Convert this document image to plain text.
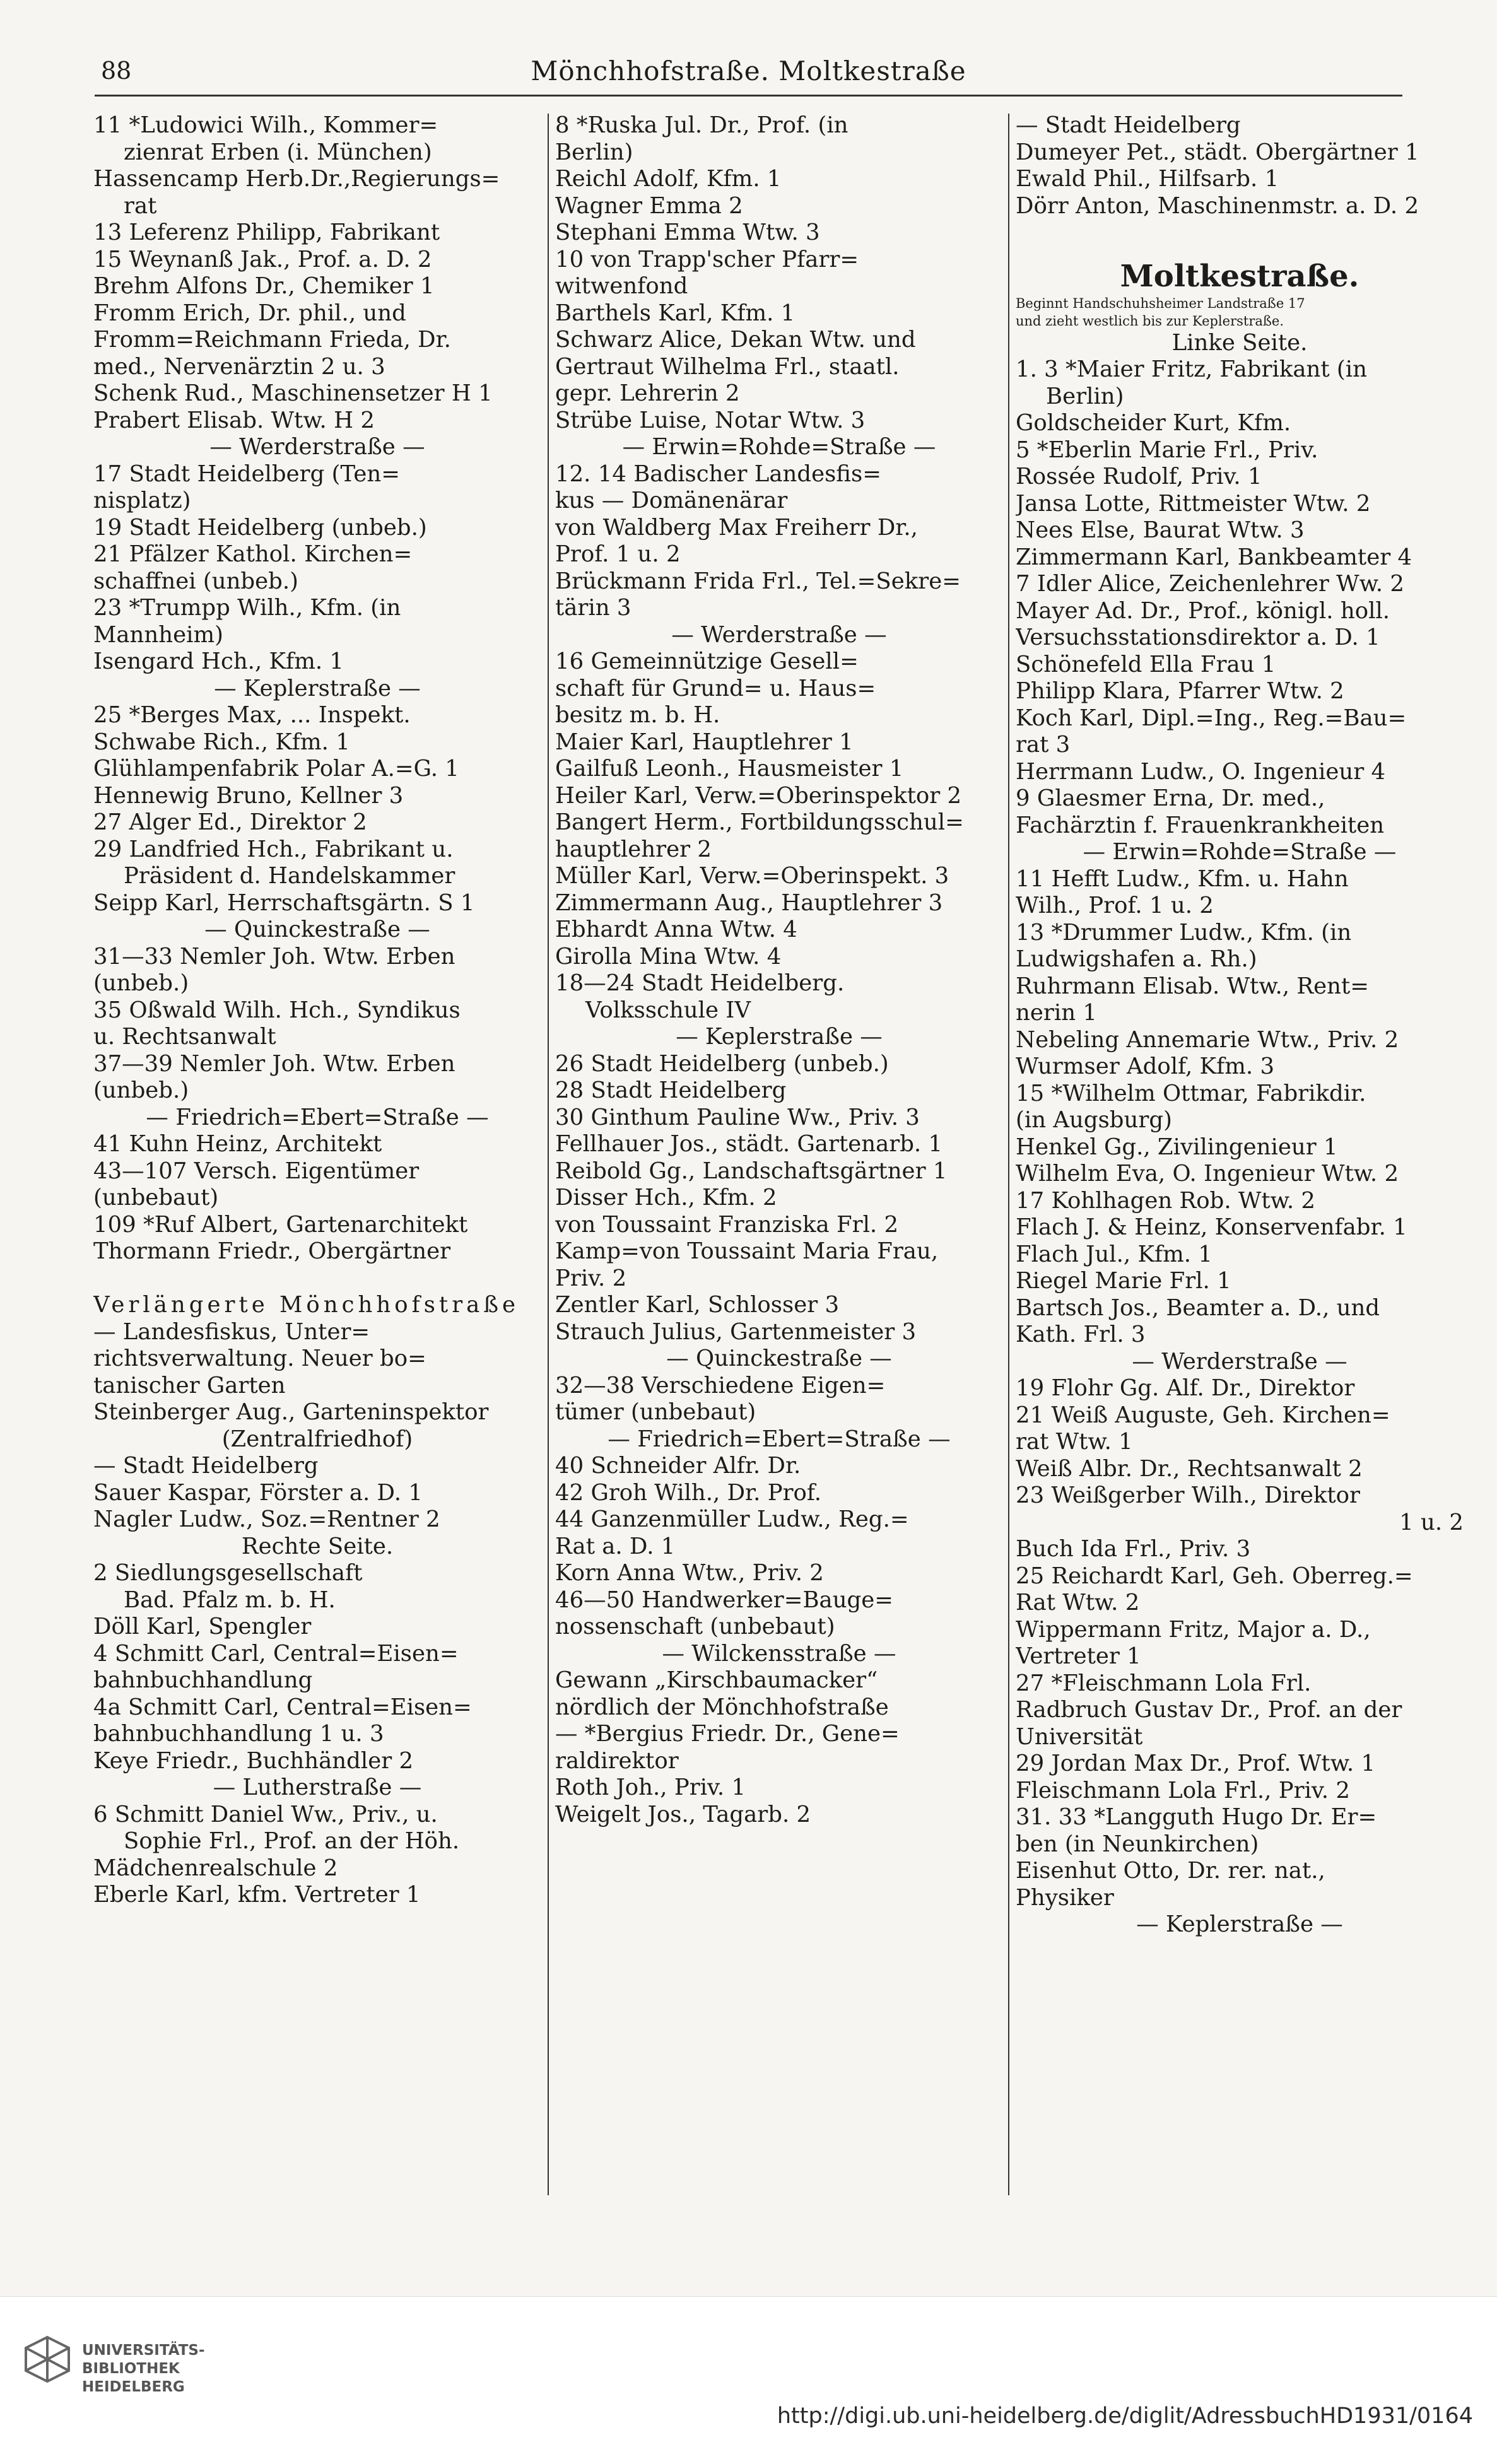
88	Mönchhofstraße. Moltkestraße
11 *Ludowici Wilh., Kommer=
zienrat Erben (i. München)
Hassencamp Herb.Dr.,Regierungs=
rat
13 Leferenz Philipp, Fabrikant
15 Weynanß Jak., Prof. a. D. 2
Brehm Alfons Dr., Chemiker 1
Fromm Erich, Dr. phil., und
Fromm=Reichmann Frieda, Dr.
med., Nervenärztin 2 u. 3
Schenk Rud., Maschinensetzer H 1
Prabert Elisab. Wtw. H 2
— Werderstraße —
17 Stadt Heidelberg (Ten=
nisplatz)
19 Stadt Heidelberg (unbeb.)
21 Pfälzer Kathol. Kirchen=
schaffnei (unbeb.)
23 *Trumpp Wilh., Kfm. (in
Mannheim)
Isengard Hch., Kfm. 1
— Keplerstraße —
25 *Berges Max, ... Inspekt.
Schwabe Rich., Kfm. 1
Glühlampenfabrik Polar A.=G. 1
Hennewig Bruno, Kellner 3
27 Alger Ed., Direktor 2
29 Landfried Hch., Fabrikant u.
Präsident d. Handelskammer
Seipp Karl, Herrschaftsgärtn. S 1
— Quinckestraße —
31—33 Nemler Joh. Wtw. Erben
(unbeb.)
35 Oßwald Wilh. Hch., Syndikus
u. Rechtsanwalt
37—39 Nemler Joh. Wtw. Erben
(unbeb.)
— Friedrich=Ebert=Straße —
41 Kuhn Heinz, Architekt
43—107 Versch. Eigentümer
(unbebaut)
109 *Ruf Albert, Gartenarchitekt
Thormann Friedr., Obergärtner
Verlängerte Mönchhofstraße
— Landesfiskus, Unter=
richtsverwaltung. Neuer bo=
tanischer Garten
Steinberger Aug., Garteninspektor
(Zentralfriedhof)
— Stadt Heidelberg
Sauer Kaspar, Förster a. D. 1
Nagler Ludw., Soz.=Rentner 2
Rechte Seite.
2 Siedlungsgesellschaft
Bad. Pfalz m. b. H.
Döll Karl, Spengler
4 Schmitt Carl, Central=Eisen=
bahnbuchhandlung
4a Schmitt Carl, Central=Eisen=
bahnbuchhandlung 1 u. 3
Keye Friedr., Buchhändler 2
— Lutherstraße —
6 Schmitt Daniel Ww., Priv., u.
Sophie Frl., Prof. an der Höh.
Mädchenrealschule 2
Eberle Karl, kfm. Vertreter 1
8 *Ruska Jul. Dr., Prof. (in
Berlin)
Reichl Adolf, Kfm. 1
Wagner Emma 2
Stephani Emma Wtw. 3
10 von Trapp'scher Pfarr=
witwenfond
Barthels Karl, Kfm. 1
Schwarz Alice, Dekan Wtw. und
Gertraut Wilhelma Frl., staatl.
gepr. Lehrerin 2
Strübe Luise, Notar Wtw. 3
— Erwin=Rohde=Straße —
12. 14 Badischer Landesfis=
kus — Domänenärar
von Waldberg Max Freiherr Dr.,
Prof. 1 u. 2
Brückmann Frida Frl., Tel.=Sekre=
tärin 3
— Werderstraße —
16 Gemeinnützige Gesell=
schaft für Grund= u. Haus=
besitz m. b. H.
Maier Karl, Hauptlehrer 1
Gailfuß Leonh., Hausmeister 1
Heiler Karl, Verw.=Oberinspektor 2
Bangert Herm., Fortbildungsschul=
hauptlehrer 2
Müller Karl, Verw.=Oberinspekt. 3
Zimmermann Aug., Hauptlehrer 3
Ebhardt Anna Wtw. 4
Girolla Mina Wtw. 4
18—24 Stadt Heidelberg.
Volksschule IV
— Keplerstraße —
26 Stadt Heidelberg (unbeb.)
28 Stadt Heidelberg
30 Ginthum Pauline Ww., Priv. 3
Fellhauer Jos., städt. Gartenarb. 1
Reibold Gg., Landschaftsgärtner 1
Disser Hch., Kfm. 2
von Toussaint Franziska Frl. 2
Kamp=von Toussaint Maria Frau,
Priv. 2
Zentler Karl, Schlosser 3
Strauch Julius, Gartenmeister 3
— Quinckestraße —
32—38 Verschiedene Eigen=
tümer (unbebaut)
— Friedrich=Ebert=Straße —
40 Schneider Alfr. Dr.
42 Groh Wilh., Dr. Prof.
44 Ganzenmüller Ludw., Reg.=
Rat a. D. 1
Korn Anna Wtw., Priv. 2
46—50 Handwerker=Bauge=
nossenschaft (unbebaut)
— Wilckensstraße —
Gewann „Kirschbaumacker“
nördlich der Mönchhofstraße
— *Bergius Friedr. Dr., Gene=
raldirektor
Roth Joh., Priv. 1
Weigelt Jos., Tagarb. 2
— Stadt Heidelberg
Dumeyer Pet., städt. Obergärtner 1
Ewald Phil., Hilfsarb. 1
Dörr Anton, Maschinenmstr. a. D. 2
Moltkestraße.
Beginnt Handschuhsheimer Landstraße 17
und zieht westlich bis zur Keplerstraße.
Linke Seite.
1. 3 *Maier Fritz, Fabrikant (in
Berlin)
Goldscheider Kurt, Kfm.
5 *Eberlin Marie Frl., Priv.
Rossée Rudolf, Priv. 1
Jansa Lotte, Rittmeister Wtw. 2
Nees Else, Baurat Wtw. 3
Zimmermann Karl, Bankbeamter 4
7 Idler Alice, Zeichenlehrer Ww. 2
Mayer Ad. Dr., Prof., königl. holl.
Versuchsstationsdirektor a. D. 1
Schönefeld Ella Frau 1
Philipp Klara, Pfarrer Wtw. 2
Koch Karl, Dipl.=Ing., Reg.=Bau=
rat 3
Herrmann Ludw., O. Ingenieur 4
9 Glaesmer Erna, Dr. med.,
Fachärztin f. Frauenkrankheiten
— Erwin=Rohde=Straße —
11 Hefft Ludw., Kfm. u. Hahn
Wilh., Prof. 1 u. 2
13 *Drummer Ludw., Kfm. (in
Ludwigshafen a. Rh.)
Ruhrmann Elisab. Wtw., Rent=
nerin 1
Nebeling Annemarie Wtw., Priv. 2
Wurmser Adolf, Kfm. 3
15 *Wilhelm Ottmar, Fabrikdir.
(in Augsburg)
Henkel Gg., Zivilingenieur 1
Wilhelm Eva, O. Ingenieur Wtw. 2
17 Kohlhagen Rob. Wtw. 2
Flach J. & Heinz, Konservenfabr. 1
Flach Jul., Kfm. 1
Riegel Marie Frl. 1
Bartsch Jos., Beamter a. D., und
Kath. Frl. 3
— Werderstraße —
19 Flohr Gg. Alf. Dr., Direktor
21 Weiß Auguste, Geh. Kirchen=
rat Wtw. 1
Weiß Albr. Dr., Rechtsanwalt 2
23 Weißgerber Wilh., Direktor
1 u. 2
Buch Ida Frl., Priv. 3
25 Reichardt Karl, Geh. Oberreg.=
Rat Wtw. 2
Wippermann Fritz, Major a. D.,
Vertreter 1
27 *Fleischmann Lola Frl.
Radbruch Gustav Dr., Prof. an der
Universität
29 Jordan Max Dr., Prof. Wtw. 1
Fleischmann Lola Frl., Priv. 2
31. 33 *Langguth Hugo Dr. Er=
ben (in Neunkirchen)
Eisenhut Otto, Dr. rer. nat.,
Physiker
— Keplerstraße —
UNIVERSITÄTS-
BIBLIOTHEK
HEIDELBERG
http://digi.ub.uni-heidelberg.de/diglit/AdressbuchHD1931/0164
